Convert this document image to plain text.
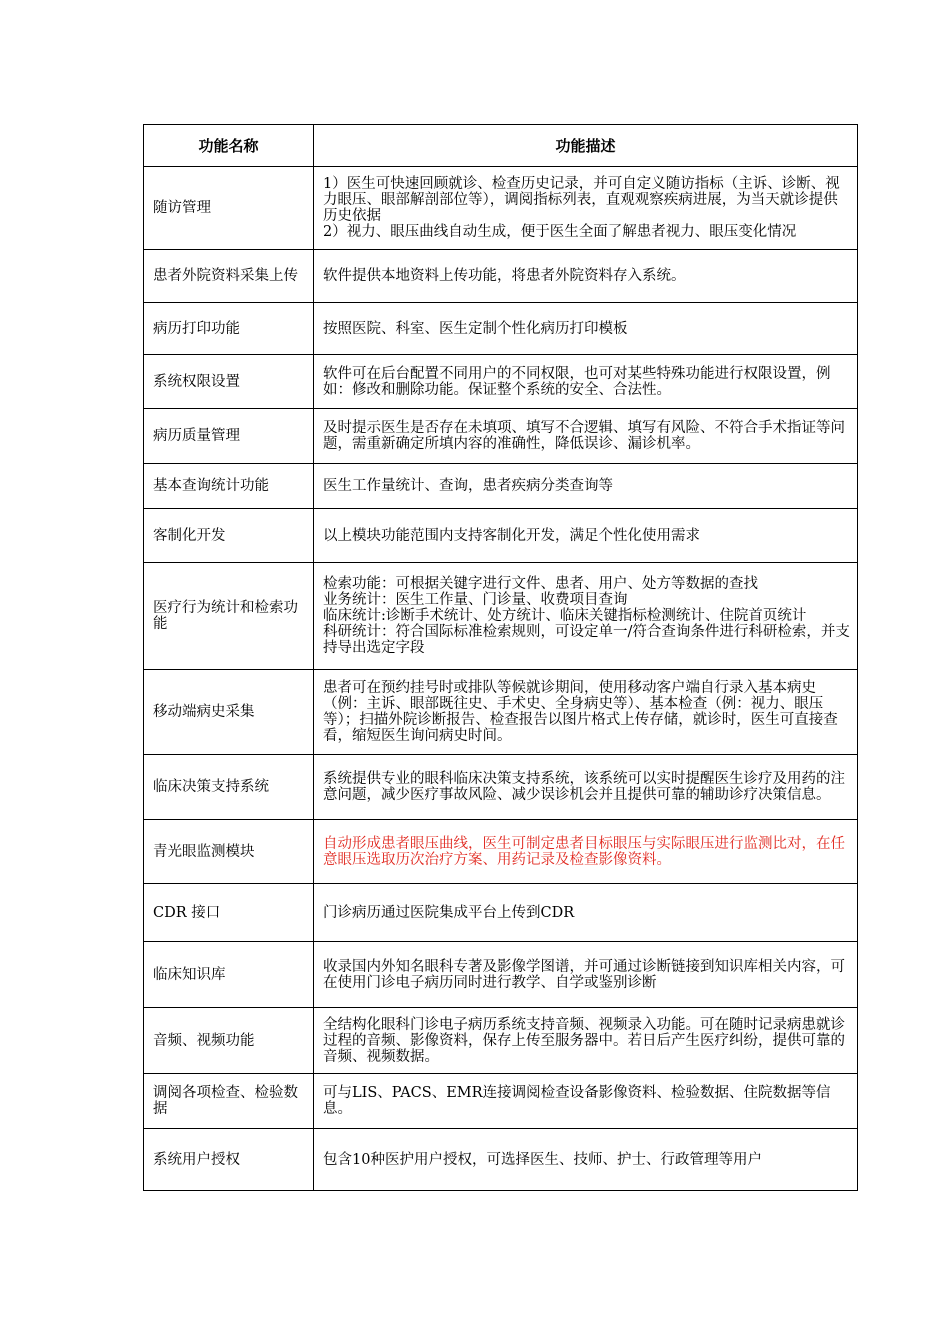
功能名称	功能描述
随访管理	1）医生可快速回顾就诊、检查历史记录，并可自定义随访指标（主诉、诊断、视力眼压、眼部解剖部位等），调阅指标列表，直观观察疾病进展，为当天就诊提供历史依据
2）视力、眼压曲线自动生成，便于医生全面了解患者视力、眼压变化情况

患者外院资料采集上传	软件提供本地资料上传功能，将患者外院资料存入系统。

病历打印功能	按照医院、科室、医生定制个性化病历打印模板

系统权限设置	软件可在后台配置不同用户的不同权限，也可对某些特殊功能进行权限设置，例如：修改和删除功能。保证整个系统的安全、合法性。

病历质量管理	及时提示医生是否存在未填项、填写不合逻辑、填写有风险、不符合手术指证等问题，需重新确定所填内容的准确性，降低误诊、漏诊机率。

基本查询统计功能	医生工作量统计、查询，患者疾病分类查询等

客制化开发	以上模块功能范围内支持客制化开发，满足个性化使用需求

医疗行为统计和检索功能	检索功能：可根据关键字进行文件、患者、用户、处方等数据的查找
业务统计：医生工作量、门诊量、收费项目查询
临床统计:诊断手术统计、处方统计、临床关键指标检测统计、住院首页统计
科研统计：符合国际标准检索规则，可设定单一/符合查询条件进行科研检索，并支持导出选定字段

移动端病史采集	患者可在预约挂号时或排队等候就诊期间，使用移动客户端自行录入基本病史（例：主诉、眼部既往史、手术史、全身病史等）、基本检查（例：视力、眼压等）；扫描外院诊断报告、检查报告以图片格式上传存储，就诊时，医生可直接查看，缩短医生询问病史时间。

临床决策支持系统	系统提供专业的眼科临床决策支持系统，该系统可以实时提醒医生诊疗及用药的注意问题，减少医疗事故风险、减少误诊机会并且提供可靠的辅助诊疗决策信息。

青光眼监测模块	自动形成患者眼压曲线，医生可制定患者目标眼压与实际眼压进行监测比对，在任意眼压选取历次治疗方案、用药记录及检查影像资料。

CDR 接口	门诊病历通过医院集成平台上传到CDR

临床知识库	收录国内外知名眼科专著及影像学图谱，并可通过诊断链接到知识库相关内容，可在使用门诊电子病历同时进行教学、自学或鉴别诊断

音频、视频功能	全结构化眼科门诊电子病历系统支持音频、视频录入功能。可在随时记录病患就诊过程的音频、影像资料，保存上传至服务器中。若日后产生医疗纠纷，提供可靠的音频、视频数据。

调阅各项检查、检验数据	可与LIS、PACS、EMR连接调阅检查设备影像资料、检验数据、住院数据等信息。

系统用户授权	包含10种医护用户授权，可选择医生、技师、护士、行政管理等用户
